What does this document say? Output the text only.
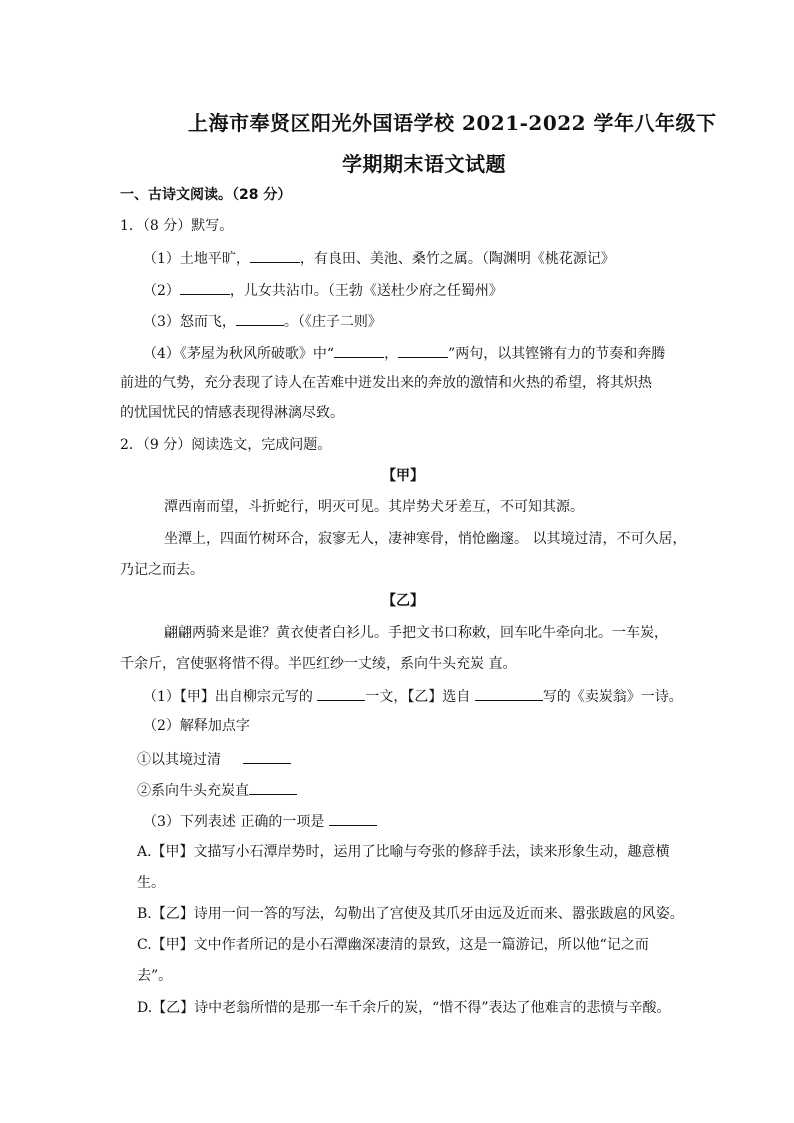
上海市奉贤区阳光外国语学校 2021-2022 学年八年级下
学期期末语文试题
一、古诗文阅读。（28 分）
1．（8 分）默写。
（1）土地平旷，	，有良田、美池、桑竹之属。（陶渊明《桃花源记》
（2）	，儿女共沾巾。（王勃《送杜少府之任蜀州》
（3）怒而飞，	。（《庄子二则》
（4）《茅屋为秋风所破歌》中“	，	”两句，以其铿锵有力的节奏和奔腾
前进的气势，充分表现了诗人在苦难中迸发出来的奔放的激情和火热的希望，将其炽热
的忧国忧民的情感表现得淋漓尽致。
2．（9 分）阅读选文，完成问题。
【甲】
潭西南而望，斗折蛇行，明灭可见。其岸势犬牙差互，不可知其源。
坐潭上，四面竹树环合，寂寥无人，凄神寒骨，悄怆幽邃。 以其境过清，不可久居，
乃记之而去。
【乙】
翩翩两骑来是谁？黄衣使者白衫儿。手把文书口称敕，回车叱牛牵向北。一车炭，
千余斤，宫使驱将惜不得。半匹红纱一丈绫，系向牛头充炭 直。
（1）【甲】出自柳宗元写的	一文，【乙】选自	写的《卖炭翁》一诗。
（2）解释加点字
①以其境过清
②系向牛头充炭直
（3）下列表述 正确的一项是
A.【甲】文描写小石潭岸势时，运用了比喻与夸张的修辞手法，读来形象生动，趣意横
生。
B.【乙】诗用一问一答的写法，勾勒出了宫使及其爪牙由远及近而来、嚣张跋扈的风姿。
C.【甲】文中作者所记的是小石潭幽深凄清的景致，这是一篇游记，所以他“记之而
去”。
D.【乙】诗中老翁所惜的是那一车千余斤的炭，“惜不得”表达了他难言的悲愤与辛酸。
